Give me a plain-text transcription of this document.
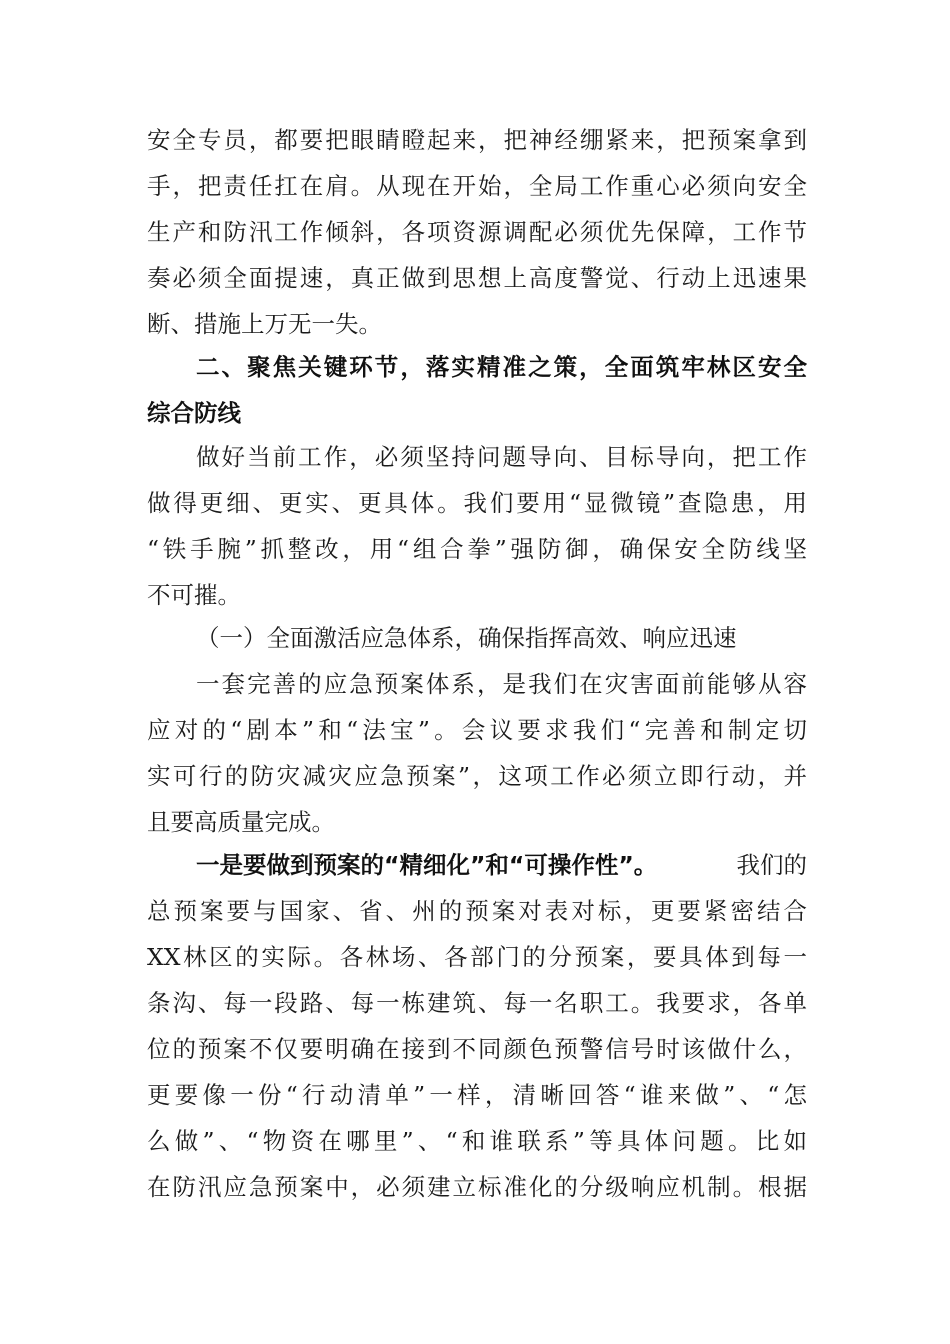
安全专员，都要把眼睛瞪起来，把神经绷紧来，把预案拿到
手，把责任扛在肩。从现在开始，全局工作重心必须向安全
生产和防汛工作倾斜，各项资源调配必须优先保障，工作节
奏必须全面提速，真正做到思想上高度警觉、行动上迅速果
断、措施上万无一失。
二、聚焦关键环节，落实精准之策，全面筑牢林区安全
综合防线
做好当前工作，必须坚持问题导向、目标导向，把工作
做得更细、更实、更具体。我们要用“显微镜”查隐患，用
“铁手腕”抓整改，用“组合拳”强防御，确保安全防线坚
不可摧。
（一）全面激活应急体系，确保指挥高效、响应迅速
一套完善的应急预案体系，是我们在灾害面前能够从容
应对的“剧本”和“法宝”。会议要求我们“完善和制定切
实可行的防灾减灾应急预案”，这项工作必须立即行动，并
且要高质量完成。
一是要做到预案的“精细化”和“可操作性”。	我们的
总预案要与国家、省、州的预案对表对标，更要紧密结合
XX林区的实际。各林场、各部门的分预案，要具体到每一
条沟、每一段路、每一栋建筑、每一名职工。我要求，各单
位的预案不仅要明确在接到不同颜色预警信号时该做什么，
更要像一份“行动清单”一样，清晰回答“谁来做”、“怎
么做”、“物资在哪里”、“和谁联系”等具体问题。比如
在防汛应急预案中，必须建立标准化的分级响应机制。根据
